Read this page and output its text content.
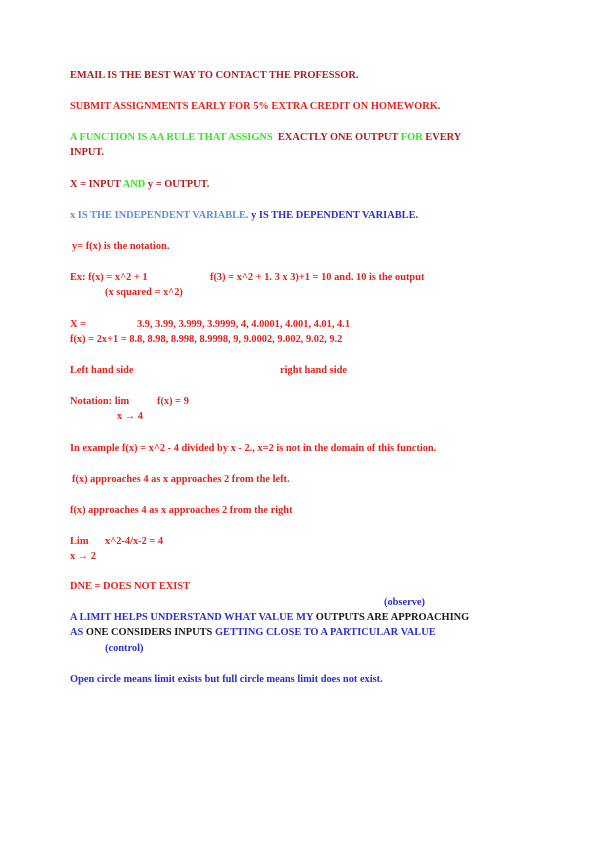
EMAIL IS THE BEST WAY TO CONTACT THE PROFESSOR.
SUBMIT ASSIGNMENTS EARLY FOR 5% EXTRA CREDIT ON HOMEWORK.
A FUNCTION IS AA RULE THAT ASSIGNS  EXACTLY ONE OUTPUT FOR EVERY
INPUT.
X = INPUT AND y = OUTPUT.
x IS THE INDEPENDENT VARIABLE. y IS THE DEPENDENT VARIABLE.
y= f(x) is the notation.
Ex: f(x) = x^2 + 1	f(3) = x^2 + 1. 3 x 3)+1 = 10 and. 10 is the output
(x squared = x^2)
X =	3.9, 3.99, 3.999, 3.9999, 4, 4.0001, 4.001, 4.01, 4.1
f(x) = 2x+1 = 8.8, 8.98, 8.998, 8.9998, 9, 9.0002, 9.002, 9.02, 9.2
Left hand side	right hand side
Notation: lim	f(x) = 9
x → 4
In example f(x) = x^2 - 4 divided by x - 2., x=2 is not in the domain of this function.
f(x) approaches 4 as x approaches 2 from the left.
f(x) approaches 4 as x approaches 2 from the right
Lim x^2-4/x-2 = 4
x → 2
DNE = DOES NOT EXIST
(observe)
A LIMIT HELPS UNDERSTAND WHAT VALUE MY OUTPUTS ARE APPROACHING
AS ONE CONSIDERS INPUTS GETTING CLOSE TO A PARTICULAR VALUE
(control)
Open circle means limit exists but full circle means limit does not exist.
